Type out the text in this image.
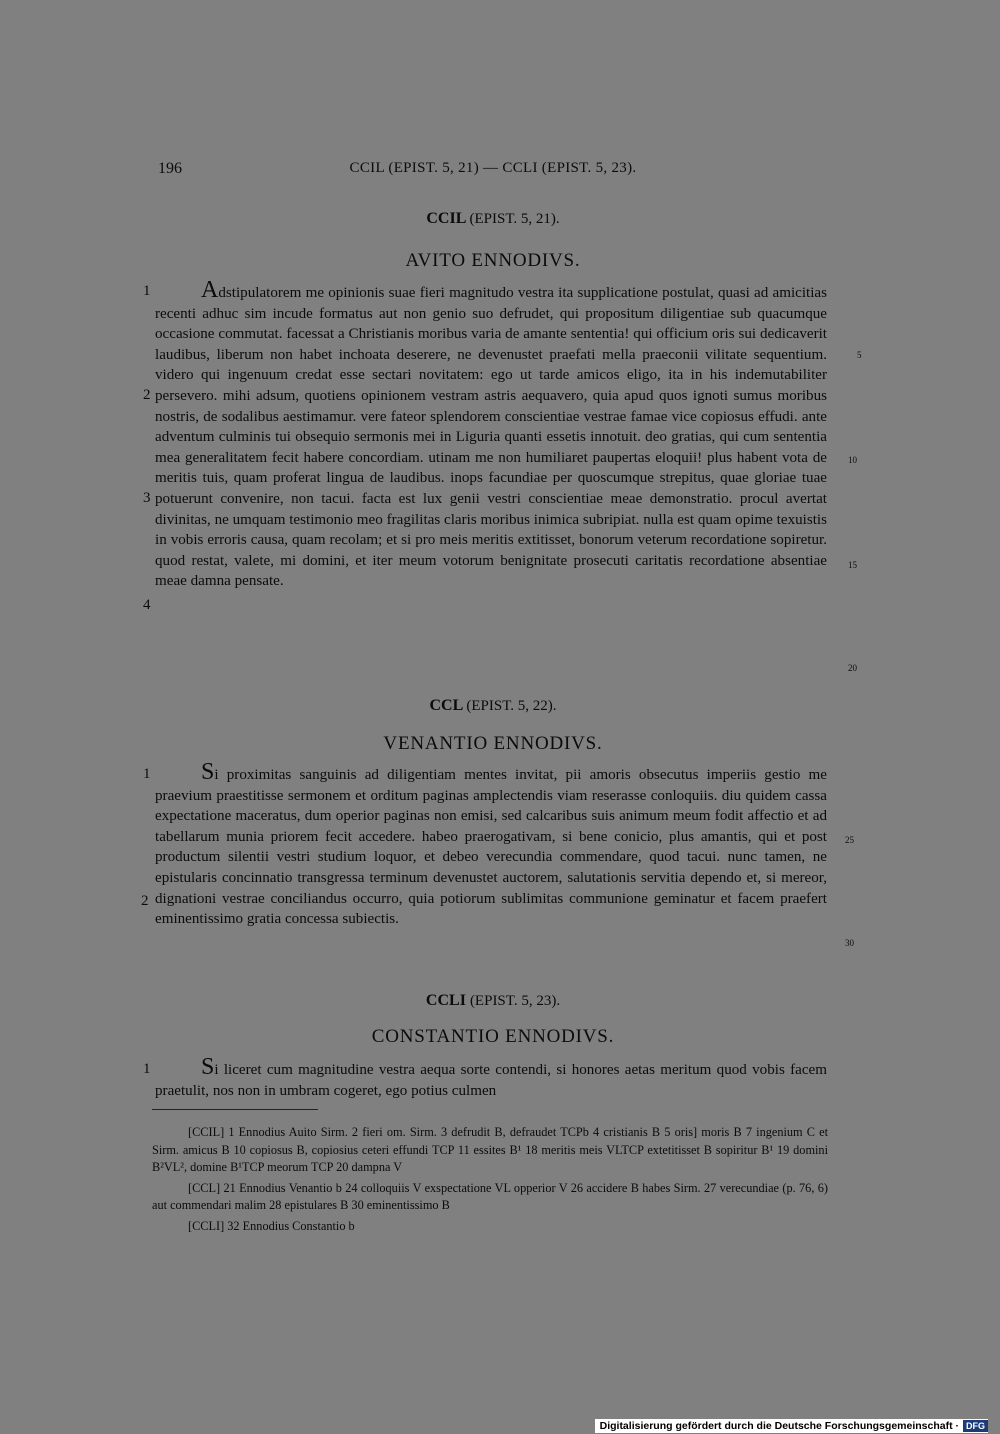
196	CCIL (EPIST. 5, 21) — CCLI (EPIST. 5, 23).
CCIL (EPIST. 5, 21).
AVITO ENNODIVS.
Adstipulatorem me opinionis suae fieri magnitudo vestra ita supplicatione postulat, quasi ad amicitias recenti adhuc sim incude formatus aut non genio suo defrudet, qui propositum diligentiae sub quacumque occasione commutat. facessat a Christianis moribus varia de amante sententia! qui officium oris sui dedicaverit laudibus, liberum non habet inchoata deserere, ne devenustet praefati mella praeconii vilitate sequentium. videro qui ingenuum credat esse sectari novitatem: ego ut tarde amicos eligo, ita in his indemutabiliter persevero. mihi adsum, quotiens opinionem vestram astris aequavero, quia apud quos ignoti sumus moribus nostris, de sodalibus aestimamur. vere fateor splendorem conscientiae vestrae famae vice copiosus effudi. ante adventum culminis tui obsequio sermonis mei in Liguria quanti essetis innotuit. deo gratias, qui cum sententia mea generalitatem fecit habere concordiam. utinam me non humiliaret paupertas eloquii! plus habent vota de meritis tuis, quam proferat lingua de laudibus. inops facundiae per quoscumque strepitus, quae gloriae tuae potuerunt convenire, non tacui. facta est lux genii vestri conscientiae meae demonstratio. procul avertat divinitas, ne umquam testimonio meo fragilitas claris moribus inimica subripiat. nulla est quam opime texuistis in vobis erroris causa, quam recolam; et si pro meis meritis extitisset, bonorum veterum recordatione sopiretur. quod restat, valete, mi domini, et iter meum votorum benignitate prosecuti caritatis recordatione absentiae meae damna pensate.
1
2
3
4
5
10
15
20
CCL (EPIST. 5, 22).
VENANTIO ENNODIVS.
Si proximitas sanguinis ad diligentiam mentes invitat, pii amoris obsecutus imperiis gestio me praevium praestitisse sermonem et orditum paginas amplectendis viam reserasse conloquiis. diu quidem cassa expectatione maceratus, dum operior paginas non emisi, sed calcaribus suis animum meum fodit affectio et ad tabellarum munia priorem fecit accedere. habeo praerogativam, si bene conicio, plus amantis, qui et post productum silentii vestri studium loquor, et debeo verecundia commendare, quod tacui. nunc tamen, ne epistularis concinnatio transgressa terminum devenustet auctorem, salutationis servitia dependo et, si mereor, dignationi vestrae conciliandus occurro, quia potiorum sublimitas communione geminatur et facem praefert eminentissimo gratia concessa subiectis.
1
2
25
30
CCLI (EPIST. 5, 23).
CONSTANTIO ENNODIVS.
Si liceret cum magnitudine vestra aequa sorte contendi, si honores aetas meritum quod vobis facem praetulit, nos non in umbram cogeret, ego potius culmen
1

[CCIL] 1 Ennodius Auito Sirm. 2 fieri om. Sirm. 3 defrudit B, defraudet TCPb 4 cristianis B 5 oris] moris B 7 ingenium C et Sirm. amicus B 10 copiosus B, copiosius ceteri effundi TCP 11 essites B¹ 18 meritis meis VLTCP extetitisset B sopiritur B¹ 19 domini B²VL², domine B¹TCP meorum TCP 20 dampna V

[CCL] 21 Ennodius Venantio b 24 colloquiis V exspectatione VL opperior V 26 accidere B habes Sirm. 27 verecundiae (p. 76, 6) aut commendari malim 28 epistulares B 30 eminentissimo B

[CCLI] 32 Ennodius Constantio b

Digitalisierung gefördert durch die Deutsche Forschungsgemeinschaft · DFG
